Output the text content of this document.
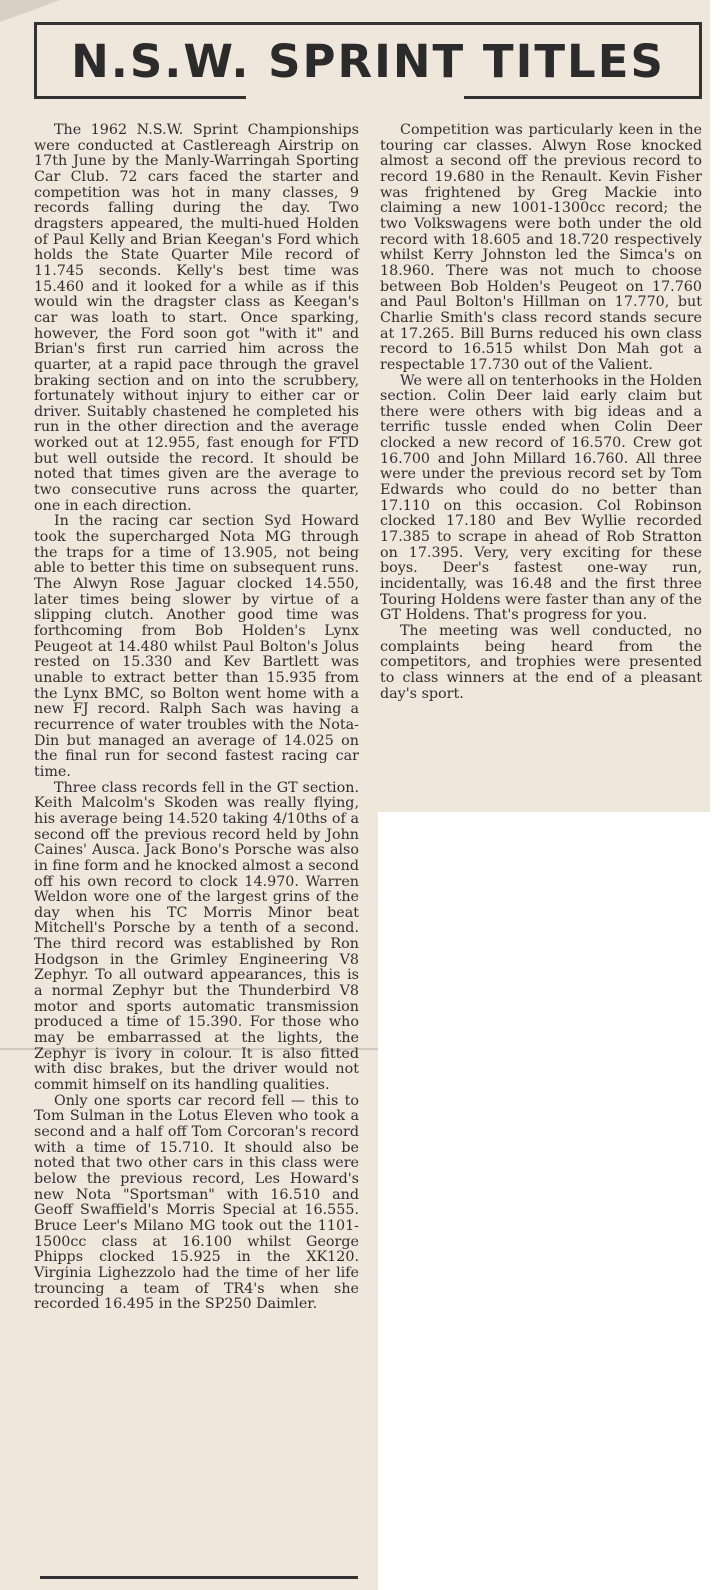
N.S.W. SPRINT TITLES

The 1962 N.S.W. Sprint Championships were conducted at Castlereagh Airstrip on 17th June by the Manly-Warringah Sporting Car Club. 72 cars faced the starter and competition was hot in many classes, 9 records falling during the day. Two dragsters appeared, the multi-hued Holden of Paul Kelly and Brian Keegan's Ford which holds the State Quarter Mile record of 11.745 seconds. Kelly's best time was 15.460 and it looked for a while as if this would win the dragster class as Keegan's car was loath to start. Once sparking, however, the Ford soon got "with it" and Brian's first run carried him across the quarter, at a rapid pace through the gravel braking section and on into the scrubbery, fortunately without injury to either car or driver. Suitably chastened he completed his run in the other direction and the average worked out at 12.955, fast enough for FTD but well outside the record. It should be noted that times given are the average to two consecutive runs across the quarter, one in each direction.

In the racing car section Syd Howard took the supercharged Nota MG through the traps for a time of 13.905, not being able to better this time on subsequent runs. The Alwyn Rose Jaguar clocked 14.550, later times being slower by virtue of a slipping clutch. Another good time was forthcoming from Bob Holden's Lynx Peugeot at 14.480 whilst Paul Bolton's Jolus rested on 15.330 and Kev Bartlett was unable to extract better than 15.935 from the Lynx BMC, so Bolton went home with a new FJ record. Ralph Sach was having a recurrence of water troubles with the Nota-Din but managed an average of 14.025 on the final run for second fastest racing car time.

Three class records fell in the GT section. Keith Malcolm's Skoden was really flying, his average being 14.520 taking 4/10ths of a second off the previous record held by John Caines' Ausca. Jack Bono's Porsche was also in fine form and he knocked almost a second off his own record to clock 14.970. Warren Weldon wore one of the largest grins of the day when his TC Morris Minor beat Mitchell's Porsche by a tenth of a second. The third record was established by Ron Hodgson in the Grimley Engineering V8 Zephyr. To all outward appearances, this is a normal Zephyr but the Thunderbird V8 motor and sports automatic transmission produced a time of 15.390. For those who may be embarrassed at the lights, the Zephyr is ivory in colour. It is also fitted with disc brakes, but the driver would not commit himself on its handling qualities.

Only one sports car record fell — this to Tom Sulman in the Lotus Eleven who took a second and a half off Tom Corcoran's record with a time of 15.710. It should also be noted that two other cars in this class were below the previous record, Les Howard's new Nota "Sportsman" with 16.510 and Geoff Swaffield's Morris Special at 16.555. Bruce Leer's Milano MG took out the 1101-1500cc class at 16.100 whilst George Phipps clocked 15.925 in the XK120. Virginia Lighezzolo had the time of her life trouncing a team of TR4's when she recorded 16.495 in the SP250 Daimler.

Competition was particularly keen in the touring car classes. Alwyn Rose knocked almost a second off the previous record to record 19.680 in the Renault. Kevin Fisher was frightened by Greg Mackie into claiming a new 1001-1300cc record; the two Volkswagens were both under the old record with 18.605 and 18.720 respectively whilst Kerry Johnston led the Simca's on 18.960. There was not much to choose between Bob Holden's Peugeot on 17.760 and Paul Bolton's Hillman on 17.770, but Charlie Smith's class record stands secure at 17.265. Bill Burns reduced his own class record to 16.515 whilst Don Mah got a respectable 17.730 out of the Valient.

We were all on tenterhooks in the Holden section. Colin Deer laid early claim but there were others with big ideas and a terrific tussle ended when Colin Deer clocked a new record of 16.570. Crew got 16.700 and John Millard 16.760. All three were under the previous record set by Tom Edwards who could do no better than 17.110 on this occasion. Col Robinson clocked 17.180 and Bev Wyllie recorded 17.385 to scrape in ahead of Rob Stratton on 17.395. Very, very exciting for these boys. Deer's fastest one-way run, incidentally, was 16.48 and the first three Touring Holdens were faster than any of the GT Holdens. That's progress for you.

The meeting was well conducted, no complaints being heard from the competitors, and trophies were presented to class winners at the end of a pleasant day's sport.
